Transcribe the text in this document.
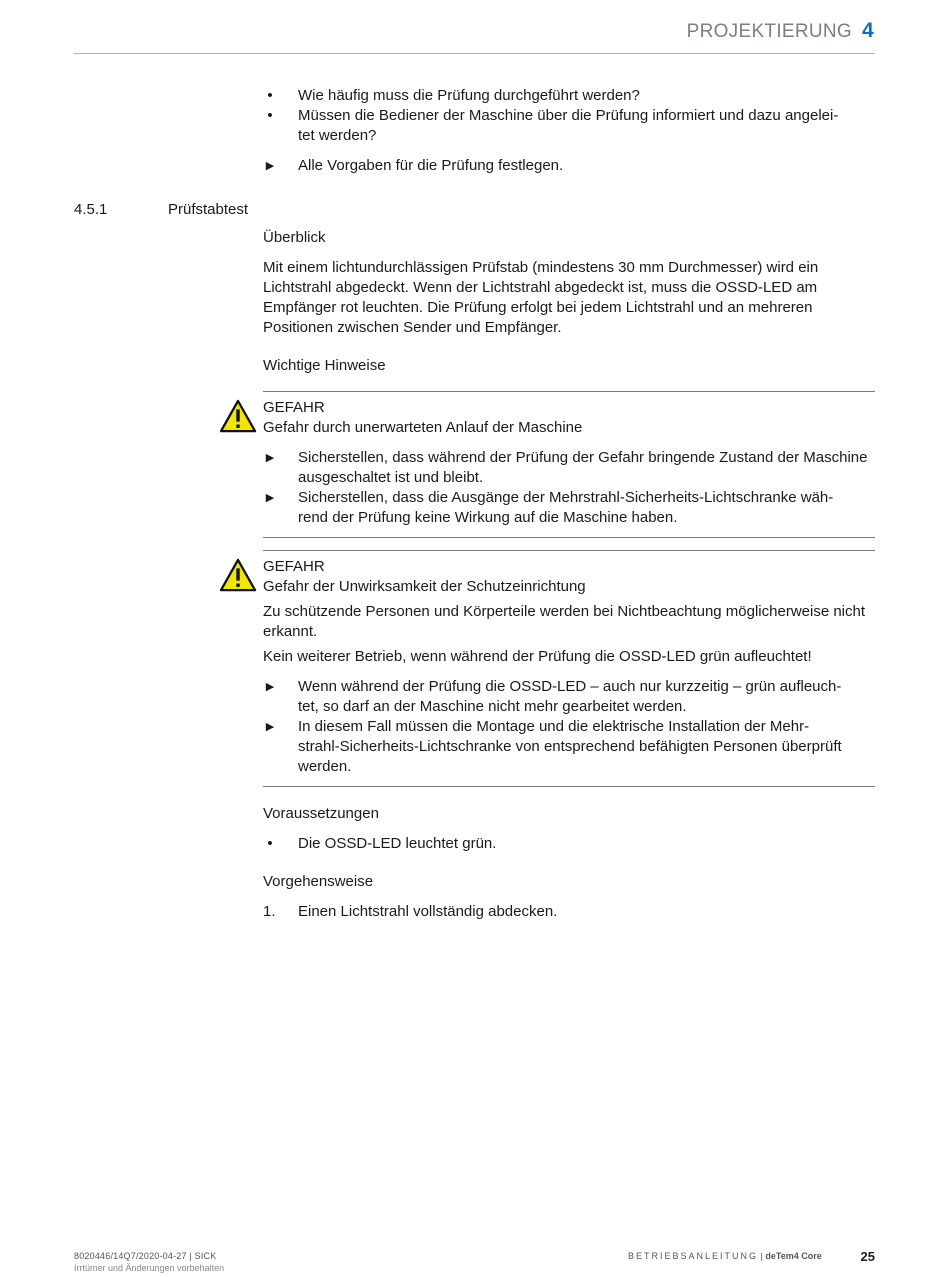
PROJEKTIERUNG 4
4.5.1	Prüfstabtest
• Wie häufig muss die Prüfung durchgeführt werden?
• Müssen die Bediener der Maschine über die Prüfung informiert und dazu angelei-
tet werden?
▶ Alle Vorgaben für die Prüfung festlegen.

Überblick

Mit einem lichtundurchlässigen Prüfstab (mindestens 30 mm Durchmesser) wird ein Lichtstrahl abgedeckt. Wenn der Lichtstrahl abgedeckt ist, muss die OSSD-LED am Empfänger rot leuchten. Die Prüfung erfolgt bei jedem Lichtstrahl und an mehreren Positionen zwischen Sender und Empfänger.

Wichtige Hinweise

GEFAHR

Gefahr durch unerwarteten Anlauf der Maschine

▶ Sicherstellen, dass während der Prüfung der Gefahr bringende Zustand der Maschine ausgeschaltet ist und bleibt.
▶ Sicherstellen, dass die Ausgänge der Mehrstrahl-Sicherheits-Lichtschranke wäh-
rend der Prüfung keine Wirkung auf die Maschine haben.

GEFAHR

Gefahr der Unwirksamkeit der Schutzeinrichtung

Zu schützende Personen und Körperteile werden bei Nichtbeachtung möglicherweise nicht erkannt.

Kein weiterer Betrieb, wenn während der Prüfung die OSSD-LED grün aufleuchtet!

▶ Wenn während der Prüfung die OSSD-LED – auch nur kurzzeitig – grün aufleuch-
tet, so darf an der Maschine nicht mehr gearbeitet werden.
▶ In diesem Fall müssen die Montage und die elektrische Installation der Mehr-
strahl-Sicherheits-Lichtschranke von entsprechend befähigten Personen überprüft werden.

Voraussetzungen

• Die OSSD-LED leuchtet grün.

Vorgehensweise

1. Einen Lichtstrahl vollständig abdecken.
8020446/14Q7/2020-04-27 | SICK
Irrtümer und Änderungen vorbehalten
BETRIEBSANLEITUNG | deTem4 Core	25
